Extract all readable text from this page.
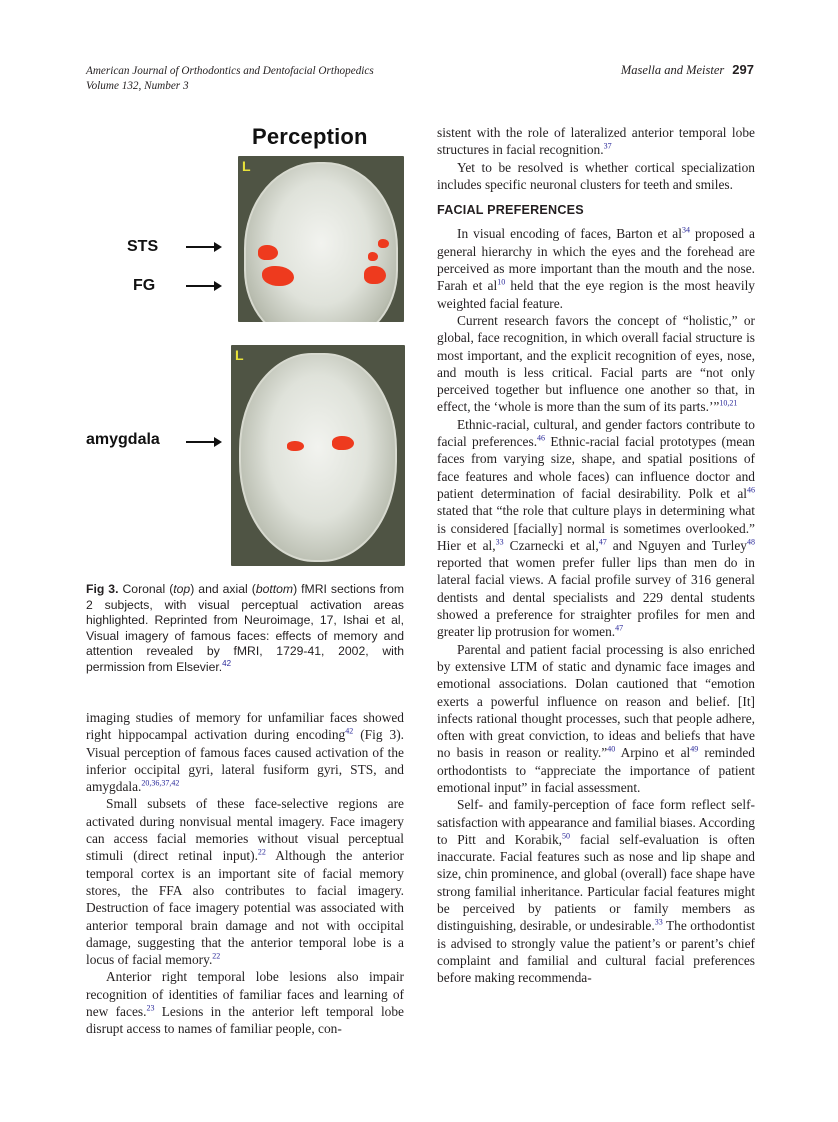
American Journal of Orthodontics and Dentofacial Orthopedics
Volume 132, Number 3
Masella and Meister 297
Perception
L
STS
FG
L
amygdala
Fig 3. Coronal (top) and axial (bottom) fMRI sections from 2 subjects, with visual perceptual activation areas highlighted. Reprinted from Neuroimage, 17, Ishai et al, Visual imagery of famous faces: effects of memory and attention revealed by fMRI, 1729-41, 2002, with permission from Elsevier.$^{42}$

imaging studies of memory for unfamiliar faces showed right hippocampal activation during encoding$^{42}$ (Fig 3). Visual perception of famous faces caused activation of the inferior occipital gyri, lateral fusiform gyri, STS, and amygdala.$^{20,36,37,42}$

Small subsets of these face-selective regions are activated during nonvisual mental imagery. Face imagery can access facial memories without visual perceptual stimuli (direct retinal input).$^{22}$ Although the anterior temporal cortex is an important site of facial memory stores, the FFA also contributes to facial imagery. Destruction of face imagery potential was associated with anterior temporal brain damage and not with occipital damage, suggesting that the anterior temporal lobe is a locus of facial memory.$^{22}$

Anterior right temporal lobe lesions also impair recognition of identities of familiar faces and learning of new faces.$^{23}$ Lesions in the anterior left temporal lobe disrupt access to names of familiar people, con-

sistent with the role of lateralized anterior temporal lobe structures in facial recognition.$^{37}$

Yet to be resolved is whether cortical specialization includes specific neuronal clusters for teeth and smiles.

FACIAL PREFERENCES

In visual encoding of faces, Barton et $al^{34}$ proposed a general hierarchy in which the eyes and the forehead are perceived as more important than the mouth and the nose. Farah et $al^{10}$ held that the eye region is the most heavily weighted facial feature.

Current research favors the concept of “holistic,” or global, face recognition, in which overall facial structure is most important, and the explicit recognition of eyes, nose, and mouth is less critical. Facial parts are “not only perceived together but influence one another so that, in effect, the ‘whole is more than the sum of its parts.’”$^{10,21}$

Ethnic-racial, cultural, and gender factors contribute to facial preferences.$^{46}$ Ethnic-racial facial prototypes (mean faces from varying size, shape, and spatial positions of face features and whole faces) can influence doctor and patient determination of facial desirability. Polk et $al^{46}$ stated that “the role that culture plays in determining what is considered [facially] normal is sometimes overlooked.” Hier et al,$^{33}$ Czarnecki et al,$^{47}$ and Nguyen and Turley$^{48}$ reported that women prefer fuller lips than men do in lateral facial views. A facial profile survey of 316 general dentists and dental specialists and 229 dental students showed a preference for straighter profiles for men and greater lip protrusion for women.$^{47}$

Parental and patient facial processing is also enriched by extensive LTM of static and dynamic face images and emotional associations. Dolan cautioned that “emotion exerts a powerful influence on reason and belief. [It] infects rational thought processes, such that people adhere, often with great conviction, to ideas and beliefs that have no basis in reason or reality.”$^{40}$ Arpino et $al^{49}$ reminded orthodontists to “appreciate the importance of patient emotional input” in facial assessment.

Self- and family-perception of face form reflect self-satisfaction with appearance and familial biases. According to Pitt and Korabik,$^{50}$ facial self-evaluation is often inaccurate. Facial features such as nose and lip shape and size, chin prominence, and global (overall) face shape have strong familial inheritance. Particular facial features might be perceived by patients or family members as distinguishing, desirable, or undesirable.$^{33}$ The orthodontist is advised to strongly value the patient’s or parent’s chief complaint and familial and cultural facial preferences before making recommenda-
